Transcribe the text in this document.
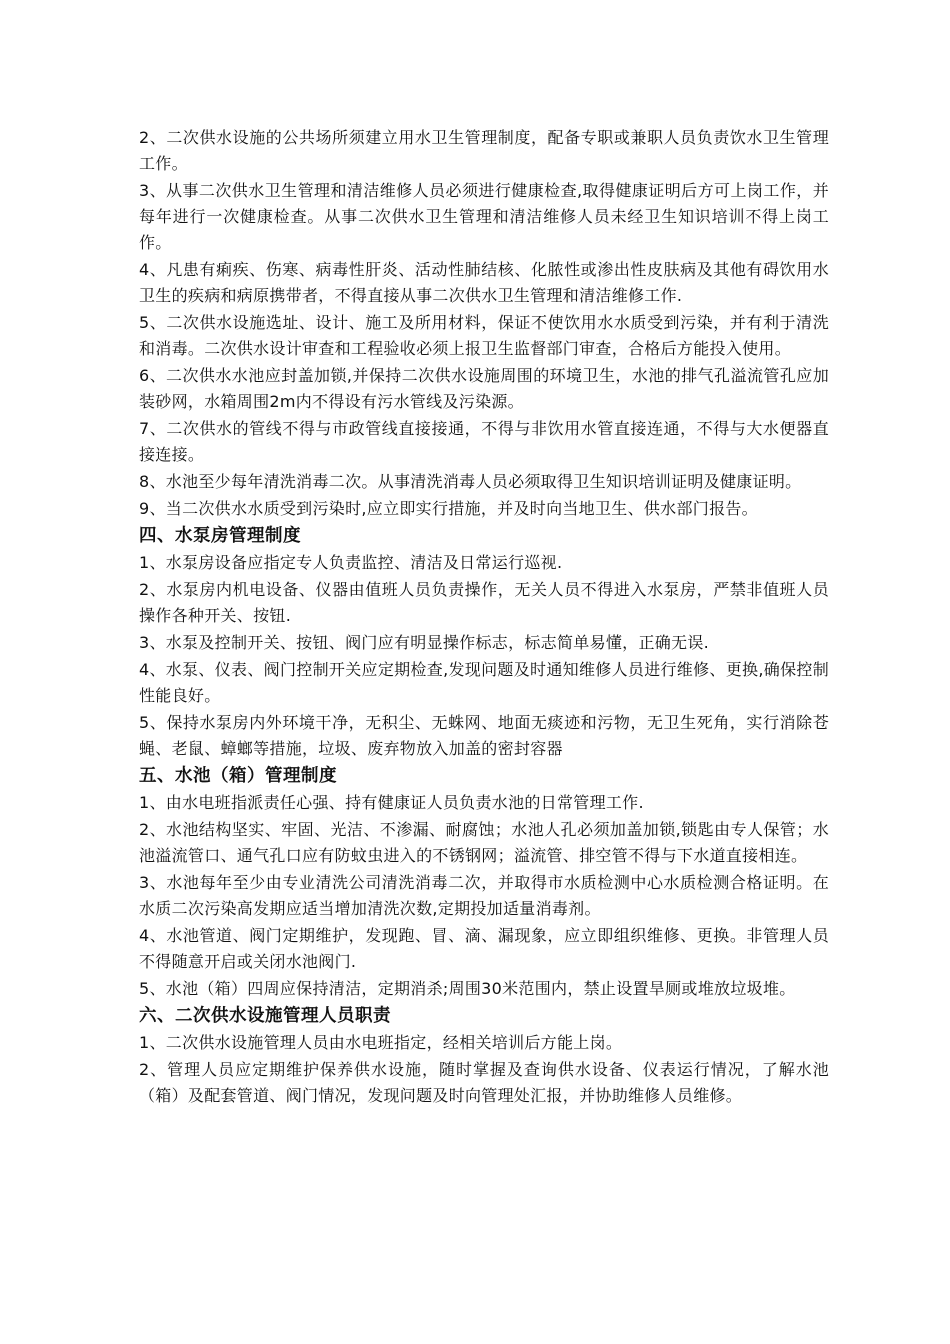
2、二次供水设施的公共场所须建立用水卫生管理制度，配备专职或兼职人员负责饮水卫生管理工作。

3、从事二次供水卫生管理和清洁维修人员必须进行健康检查,取得健康证明后方可上岗工作，并每年进行一次健康检查。从事二次供水卫生管理和清洁维修人员未经卫生知识培训不得上岗工作。

4、凡患有痢疾、伤寒、病毒性肝炎、活动性肺结核、化脓性或渗出性皮肤病及其他有碍饮用水卫生的疾病和病原携带者，不得直接从事二次供水卫生管理和清洁维修工作.

5、二次供水设施选址、设计、施工及所用材料，保证不使饮用水水质受到污染，并有利于清洗和消毒。二次供水设计审查和工程验收必须上报卫生监督部门审查，合格后方能投入使用。

6、二次供水水池应封盖加锁,并保持二次供水设施周围的环境卫生，水池的排气孔溢流管孔应加装砂网，水箱周围2m内不得设有污水管线及污染源。

7、二次供水的管线不得与市政管线直接接通，不得与非饮用水管直接连通，不得与大水便器直接连接。

8、水池至少每年清洗消毒二次。从事清洗消毒人员必须取得卫生知识培训证明及健康证明。

9、当二次供水水质受到污染时,应立即实行措施，并及时向当地卫生、供水部门报告。

四、水泵房管理制度

1、水泵房设备应指定专人负责监控、清洁及日常运行巡视.

2、水泵房内机电设备、仪器由值班人员负责操作，无关人员不得进入水泵房，严禁非值班人员操作各种开关、按钮.

3、水泵及控制开关、按钮、阀门应有明显操作标志，标志简单易懂，正确无误.

4、水泵、仪表、阀门控制开关应定期检查,发现问题及时通知维修人员进行维修、更换,确保控制性能良好。

5、保持水泵房内外环境干净，无积尘、无蛛网、地面无痰迹和污物，无卫生死角，实行消除苍蝇、老鼠、蟑螂等措施，垃圾、废弃物放入加盖的密封容器

五、水池（箱）管理制度

1、由水电班指派责任心强、持有健康证人员负责水池的日常管理工作.

2、水池结构坚实、牢固、光洁、不渗漏、耐腐蚀；水池人孔必须加盖加锁,锁匙由专人保管；水池溢流管口、通气孔口应有防蚊虫进入的不锈钢网；溢流管、排空管不得与下水道直接相连。

3、水池每年至少由专业清洗公司清洗消毒二次，并取得市水质检测中心水质检测合格证明。在水质二次污染高发期应适当增加清洗次数,定期投加适量消毒剂。

4、水池管道、阀门定期维护，发现跑、冒、滴、漏现象，应立即组织维修、更换。非管理人员不得随意开启或关闭水池阀门.

5、水池（箱）四周应保持清洁，定期消杀;周围30米范围内，禁止设置旱厕或堆放垃圾堆。

六、二次供水设施管理人员职责

1、二次供水设施管理人员由水电班指定，经相关培训后方能上岗。

2、管理人员应定期维护保养供水设施，随时掌握及查询供水设备、仪表运行情况，了解水池（箱）及配套管道、阀门情况，发现问题及时向管理处汇报，并协助维修人员维修。
